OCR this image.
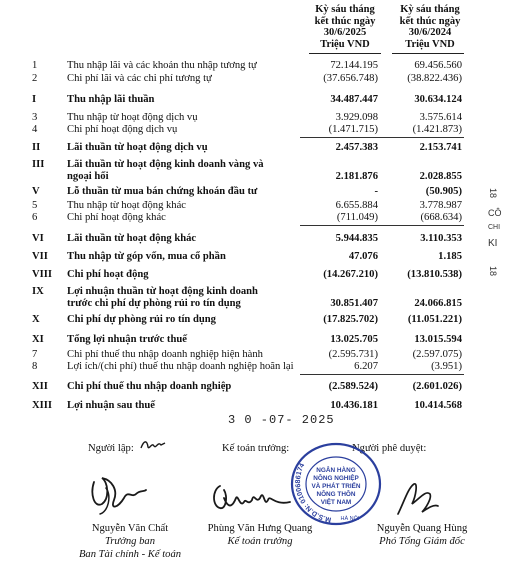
Kỳ sáu tháng
kết thúc ngày
30/6/2025
Triệu VND
Kỳ sáu tháng
kết thúc ngày
30/6/2024
Triệu VND
1	Thu nhập lãi và các khoản thu nhập tương tự	72.144.195	69.456.560
2	Chi phí lãi và các chi phí tương tự	(37.656.748)	(38.822.436)
I	Thu nhập lãi thuần	34.487.447	30.634.124
3	Thu nhập từ hoạt động dịch vụ	3.929.098	3.575.614
4	Chi phí hoạt động dịch vụ	(1.471.715)	(1.421.873)
II	Lãi thuần từ hoạt động dịch vụ	2.457.383	2.153.741
III Lãi thuần từ hoạt động kinh doanh vàng và
ngoại hối	2.181.876	2.028.855
V	Lỗ thuần từ mua bán chứng khoán đầu tư	-	(50.905)
5	Thu nhập từ hoạt động khác	6.655.884	3.778.987
6	Chi phí hoạt động khác	(711.049)	(668.634)
VI Lãi thuần từ hoạt động khác	5.944.835	3.110.353
VII Thu nhập từ góp vốn, mua cổ phần	47.076	1.185
VIII Chi phí hoạt động	(14.267.210)	(13.810.538)
IX Lợi nhuận thuần từ hoạt động kinh doanh
trước chi phí dự phòng rủi ro tín dụng	30.851.407	24.066.815
X	Chi phí dự phòng rủi ro tín dụng	(17.825.702)	(11.051.221)
XI Tổng lợi nhuận trước thuế	13.025.705	13.015.594
7	Chi phí thuế thu nhập doanh nghiệp hiện hành	(2.595.731)	(2.597.075)
8	Lợi ích/(chi phí) thuế thu nhập doanh nghiệp hoãn lại	6.207	(3.951)
XII Chi phí thuế thu nhập doanh nghiệp	(2.589.524)	(2.601.026)
XIII Lợi nhuận sau thuế	10.436.181	10.414.568
3 0 -07- 2025
Người lập:	Kế toán trưởng:	Người phê duyệt:
M.S.D.N: 0100686174
NGÂN HÀNG
NÔNG NGHIỆP
VÀ PHÁT TRIỂN
NÔNG THÔN
VIỆT NAM
HÀ NỘI
Nguyễn Văn Chất
Trưởng ban
Ban Tài chính - Kế toán
Phùng Văn Hưng Quang
Kế toán trưởng
Nguyễn Quang Hùng
Phó Tổng Giám đốc
18
CÔ
CHI
KI
18
